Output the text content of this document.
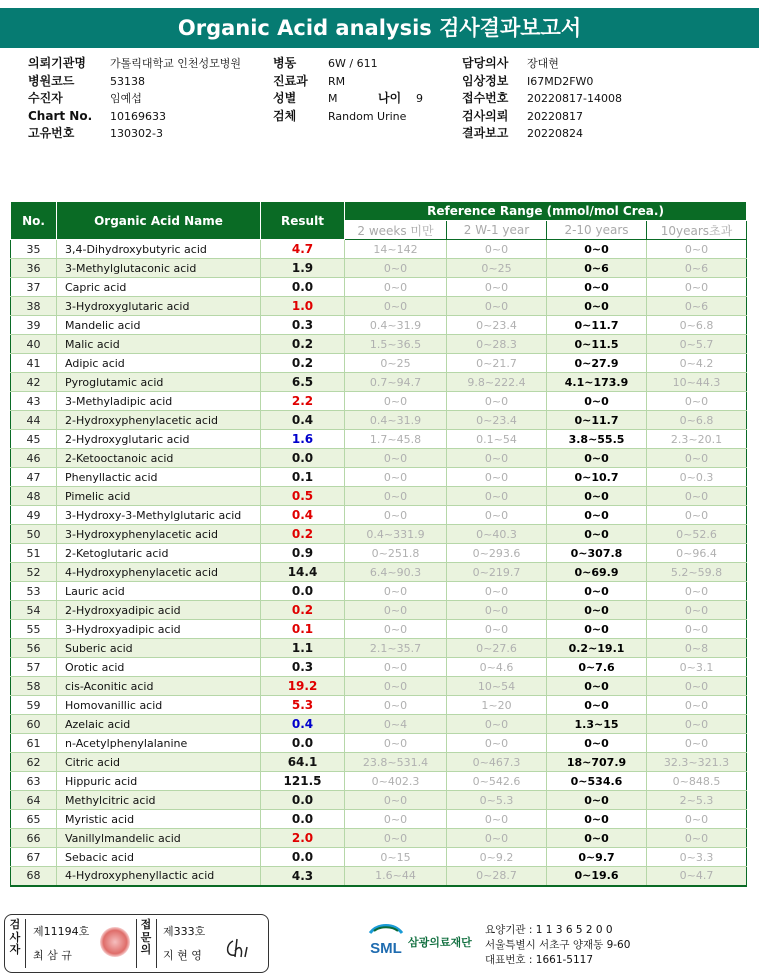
Organic Acid analysis 검사결과보고서
의뢰기관명 가톨릭대학교 인천성모병원
병원코드	53138
수진자	임예섭
Chart No. 10169633
고유번호	130302-3
병동	6W / 611
진료과 RM
성별	M	나이 9
검체	Random Urine
담당의사 장대현
임상정보 I67MD2FW0
접수번호 20220817-14008
검사의뢰 20220817
결과보고 20220824
No.	Organic Acid Name	Result	Reference Range (mmol/mol Crea.)			
			2 weeks 미만	2 W-1 year	2-10 years	10years초과
35	3,4-Dihydroxybutyric acid	4.7	14~142	0~0	0~0	0~0
36	3-Methylglutaconic acid	1.9	0~0	0~25	0~6	0~6
37	Capric acid	0.0	0~0	0~0	0~0	0~0
38	3-Hydroxyglutaric acid	1.0	0~0	0~0	0~0	0~6
39	Mandelic acid	0.3	0.4~31.9	0~23.4	0~11.7	0~6.8
40	Malic acid	0.2	1.5~36.5	0~28.3	0~11.5	0~5.7
41	Adipic acid	0.2	0~25	0~21.7	0~27.9	0~4.2
42	Pyroglutamic acid	6.5	0.7~94.7	9.8~222.4	4.1~173.9	10~44.3
43	3-Methyladipic acid	2.2	0~0	0~0	0~0	0~0
44	2-Hydroxyphenylacetic acid	0.4	0.4~31.9	0~23.4	0~11.7	0~6.8
45	2-Hydroxyglutaric acid	1.6	1.7~45.8	0.1~54	3.8~55.5	2.3~20.1
46	2-Ketooctanoic acid	0.0	0~0	0~0	0~0	0~0
47	Phenyllactic acid	0.1	0~0	0~0	0~10.7	0~0.3
48	Pimelic acid	0.5	0~0	0~0	0~0	0~0
49	3-Hydroxy-3-Methylglutaric acid	0.4	0~0	0~0	0~0	0~0
50	3-Hydroxyphenylacetic acid	0.2	0.4~331.9	0~40.3	0~0	0~52.6
51	2-Ketoglutaric acid	0.9	0~251.8	0~293.6	0~307.8	0~96.4
52	4-Hydroxyphenylacetic acid	14.4	6.4~90.3	0~219.7	0~69.9	5.2~59.8
53	Lauric acid	0.0	0~0	0~0	0~0	0~0
54	2-Hydroxyadipic acid	0.2	0~0	0~0	0~0	0~0
55	3-Hydroxyadipic acid	0.1	0~0	0~0	0~0	0~0
56	Suberic acid	1.1	2.1~35.7	0~27.6	0.2~19.1	0~8
57	Orotic acid	0.3	0~0	0~4.6	0~7.6	0~3.1
58	cis-Aconitic acid	19.2	0~0	10~54	0~0	0~0
59	Homovanillic acid	5.3	0~0	1~20	0~0	0~0
60	Azelaic acid	0.4	0~4	0~0	1.3~15	0~0
61	n-Acetylphenylalanine	0.0	0~0	0~0	0~0	0~0
62	Citric acid	64.1	23.8~531.4	0~467.3	18~707.9	32.3~321.3
63	Hippuric acid	121.5	0~402.3	0~542.6	0~534.6	0~848.5
64	Methylcitric acid	0.0	0~0	0~5.3	0~0	2~5.3
65	Myristic acid	0.0	0~0	0~0	0~0	0~0
66	Vanillylmandelic acid	2.0	0~0	0~0	0~0	0~0
67	Sebacic acid	0.0	0~15	0~9.2	0~9.7	0~3.3
68	4-Hydroxyphenyllactic acid	4.3	1.6~44	0~28.7	0~19.6	0~4.7
검
사
자
제11194호
최 삼 규
접
문
의
제333호
지 현 영	SML 삼광의료재단
요양기관 : 1 1 3 6 5 2 0 0
서울특별시 서초구 양재동 9-60
대표번호 : 1661-5117
